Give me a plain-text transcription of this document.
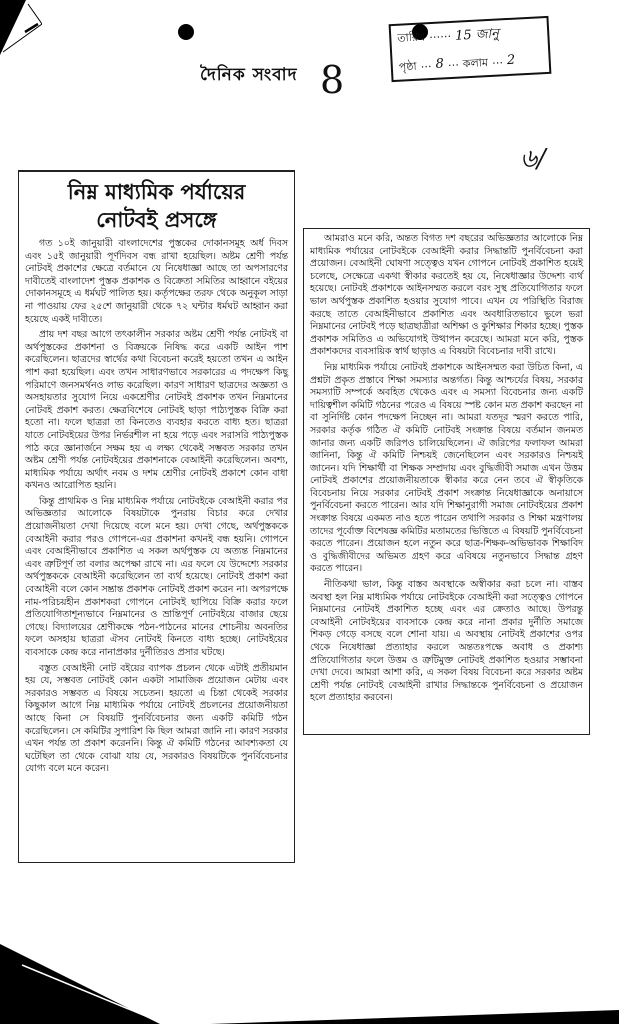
দৈনিক সংবাদ 8
তারিখ …… 15 জানু
পৃষ্ঠা … 8 … কলাম … 2
৬/
নিম্ন মাধ্যমিক পর্যায়ের
নোটবই প্রসঙ্গে

গত ১০ই জানুয়ারী বাংলাদেশের পুস্তকের দোকানসমূহ অর্ধ দিবস এবং ১৫ই জানুয়ারী পূর্ণদিবস বন্ধ রাখা হয়েছিল। অষ্টম শ্রেণী পর্যন্ত নোটবই প্রকাশের ক্ষেত্রে বর্তমানে যে নিষেধাজ্ঞা আছে তা অপসারণের দাবীতেই বাংলাদেশ পুস্তক প্রকাশক ও বিক্রেতা সমিতির আহ্বানে বইয়ের দোকানসমূহে এ ধর্মঘট পালিত হয়। কর্তৃপক্ষের তরফ থেকে অনুকূল সাড়া না পাওয়ায় ফের ২৫শে জানুয়ারী থেকে ৭২ ঘন্টার ধর্মঘট আহ্বান করা হয়েছে একই দাবীতে।

প্রায় দশ বছর আগে তৎকালীন সরকার অষ্টম শ্রেণী পর্যন্ত নোটবই বা অর্থপুস্তকের প্রকাশনা ও বিক্রয়কে নিষিদ্ধ করে একটি আইন পাশ করেছিলেন। ছাত্রদের স্বার্থের কথা বিবেচনা করেই হয়তো তখন এ আইন পাশ করা হয়েছিল। এবং তখন সাধারণভাবে সরকারের এ পদক্ষেপ কিছু পরিমাণে জনসমর্থনও লাভ করেছিল। কারণ সাধারণ ছাত্রদের অজ্ঞতা ও অসহায়তার সুযোগ নিয়ে একশ্রেণীর নোটবই প্রকাশক তখন নিম্নমানের নোটবই প্রকাশ করত। ক্ষেত্রবিশেষে নোটবই ছাড়া পাঠ্যপুস্তক বিক্রি করা হতো না। ফলে ছাত্ররা তা কিনতেও ব্যবহার করতে বাধ্য হত। ছাত্ররা যাতে নোটবইয়ের উপর নির্ভরশীল না হয়ে পড়ে এবং সরাসরি পাঠ্যপুস্তক পাঠ করে জ্ঞানার্জনে সক্ষম হয় এ লক্ষ্য থেকেই সম্ভবত সরকার তখন অষ্টম শ্রেণী পর্যন্ত নোটবইয়ের প্রকাশনাকে বেআইনী করেছিলেন। অবশ্য, মাধ্যমিক পর্যায়ে অর্থাৎ নবম ও দশম শ্রেণীর নোটবই প্রকাশে কোন বাধা কখনও আরোপিত হয়নি।

কিন্তু প্রাথমিক ও নিম্ন মাধ্যমিক পর্যায়ে নোটবইকে বেআইনী করার পর অভিজ্ঞতার আলোকে বিষয়টাকে পুনরায় বিচার করে দেখার প্রয়োজনীয়তা দেখা দিয়েছে বলে মনে হয়। দেখা গেছে, অর্থপুস্তককে বেআইনী করার পরও গোপনে-এর প্রকাশনা কখনই বন্ধ হয়নি। গোপনে এবং বেআইনীভাবে প্রকাশিত এ সকল অর্থপুস্তক যে অত্যন্ত নিম্নমানের এবং ত্রুটিপূর্ণ তা বলার অপেক্ষা রাখে না। এর ফলে যে উদ্দেশ্যে সরকার অর্থপুস্তককে বেআইনী করেছিলেন তা ব্যর্থ হয়েছে। নোটবই প্রকাশ করা বেআইনী বলে কোন সম্ভ্রান্ত প্রকাশক নোটবই প্রকাশ করেন না। অপরপক্ষে নাম-পরিচয়হীন প্রকাশকরা গোপনে নোটবই ছাপিয়ে বিক্রি করার ফলে প্রতিযোগিতাশূন্যভাবে নিম্নমানের ও ভ্রান্তিপূর্ণ নোটবইয়ে বাজার ছেয়ে গেছে। বিদ্যালয়ের শ্রেণীকক্ষে পঠন-পাঠনের মানের শোচনীয় অবনতির ফলে অসহায় ছাত্ররা ঐসব নোটবই কিনতে বাধ্য হচ্ছে। নোটবইয়ের ব্যবসাকে কেন্দ্র করে নানাপ্রকার দুর্নীতিরও প্রসার ঘটছে।

বস্তুত বেআইনী নোট বইয়ের ব্যাপক প্রচলন থেকে এটাই প্রতীয়মান হয় যে, সম্ভবত নোটবই কোন একটা সামাজিক প্রয়োজন মেটায় এবং সরকারও সম্ভবত এ বিষয়ে সচেতন। হয়তো এ চিন্তা থেকেই সরকার কিছুকাল আগে নিম্ন মাধ্যমিক পর্যায়ে নোটবই প্রচলনের প্রয়োজনীয়তা আছে কিনা সে বিষয়টি পুনর্বিবেচনার জন্য একটি কমিটি গঠন করেছিলেন। সে কমিটির সুপারিশ কি ছিল আমরা জানি না। কারণ সরকার এখন পর্যন্ত তা প্রকাশ করেননি। কিন্তু ঐ কমিটি গঠনের আবশ্যকতা যে ঘটেছিল তা থেকে বোঝা যায় যে, সরকারও বিষয়টিকে পুনর্বিবেচনার যোগ্য বলে মনে করেন।

আমরাও মনে করি, অন্তত বিগত দশ বছরের অভিজ্ঞতার আলোকে নিম্ন মাধ্যমিক পর্যায়ের নোটবইকে বেআইনী করার সিদ্ধান্তটি পুনর্বিবেচনা করা প্রয়োজন। বেআইনী ঘোষণা সত্ত্বেও যখন গোপনে নোটবই প্রকাশিত হয়েই চলেছে, সেক্ষেত্রে একথা স্বীকার করতেই হয় যে, নিষেধাজ্ঞার উদ্দেশ্য ব্যর্থ হয়েছে। নোটবই প্রকাশকে আইনসম্মত করলে বরং সুস্থ প্রতিযোগিতার ফলে ভাল অর্থপুস্তক প্রকাশিত হওয়ার সুযোগ পাবে। এখন যে পরিস্থিতি বিরাজ করছে তাতে বেআইনীভাবে প্রকাশিত এবং অবধারিতভাবে ভুলে ভরা নিম্নমানের নোটবই পড়ে ছাত্রছাত্রীরা অশিক্ষা ও কুশিক্ষার শিকার হচ্ছে। পুস্তক প্রকাশক সমিতিও এ অভিযোগই উত্থাপন করেছে। আমরা মনে করি, পুস্তক প্রকাশকদের ব্যবসায়িক স্বার্থ ছাড়াও এ বিষয়টা বিবেচনার দাবী রাখে।

নিম্ন মাধ্যমিক পর্যায়ে নোটবই প্রকাশকে আইনসম্মত করা উচিত কিনা, এ প্রশ্নটা প্রকৃত প্রস্তাবে শিক্ষা সমস্যার অন্তর্গত। কিন্তু আশ্চর্যের বিষয়, সরকার সমস্যাটি সম্পর্কে অবহিত থেকেও এবং এ সমস্যা বিবেচনার জন্য একটি দায়িত্বশীল কমিটি গঠনের পরেও এ বিষয়ে স্পষ্ট কোন মত প্রকাশ করছেন না বা সুনির্দিষ্ট কোন পদক্ষেপ নিচ্ছেন না। আমরা যতদূর স্মরণ করতে পারি, সরকার কর্তৃক গঠিত ঐ কমিটি নোটবই সংক্রান্ত বিষয়ে বর্তমান জনমত জানার জন্য একটি জরিপও চালিয়েছিলেন। ঐ জরিপের ফলাফল আমরা জানিনা, কিন্তু ঐ কমিটি নিশ্চয়ই জেনেছিলেন এবং সরকারও নিশ্চয়ই জানেন। যদি শিক্ষার্থী বা শিক্ষক সম্প্রদায় এবং বুদ্ধিজীবী সমাজ এখন উত্তম নোটবই প্রকাশের প্রয়োজনীয়তাকে স্বীকার করে নেন তবে ঐ স্বীকৃতিকে বিবেচনায় নিয়ে সরকার নোটবই প্রকাশ সংক্রান্ত নিষেধাজ্ঞাকে অনায়াসে পুনর্বিবেচনা করতে পারেন। আর যদি শিক্ষানুরাগী সমাজ নোটবইয়ের প্রকাশ সংক্রান্ত বিষয়ে একমত নাও হতে পারেন তথাপি সরকার ও শিক্ষা মন্ত্রণালয় তাদের পূর্বোক্ত বিশেষজ্ঞ কমিটির মতামতের ভিত্তিতে এ বিষয়টি পুনর্বিবেচনা করতে পারেন। প্রয়োজন হলে নতুন করে ছাত্র-শিক্ষক-অভিভাবক শিক্ষাবিদ ও বুদ্ধিজীবীদের অভিমত গ্রহণ করে এবিষয়ে নতুনভাবে সিদ্ধান্ত গ্রহণ করতে পারেন।

নীতিকথা ভাল, কিন্তু বাস্তব অবস্থাকে অস্বীকার করা চলে না। বাস্তব অবস্থা হল নিম্ন মাধ্যমিক পর্যায়ে নোটবইকে বেআইনী করা সত্ত্বেও গোপনে নিম্নমানের নোটবই প্রকাশিত হচ্ছে এবং এর ক্রেতাও আছে। উপরন্তু বেআইনী নোটবইয়ের ব্যবসাকে কেন্দ্র করে নানা প্রকার দুর্নীতি সমাজে শিকড় গেড়ে বসছে বলে শোনা যায়। এ অবস্থায় নোটবই প্রকাশের ওপর থেকে নিষেধাজ্ঞা প্রত্যাহার করলে অন্ততঃপক্ষে অবাধ ও প্রকাশ্য প্রতিযোগিতার ফলে উত্তম ও ত্রুটিমুক্ত নোটবই প্রকাশিত হওয়ার সম্ভাবনা দেখা দেবে। আমরা আশা করি, এ সকল বিষয় বিবেচনা করে সরকার অষ্টম শ্রেণী পর্যন্ত নোটবই বেআইনী রাখার সিদ্ধান্তকে পুনর্বিবেচনা ও প্রয়োজন হলে প্রত্যাহার করবেন।
